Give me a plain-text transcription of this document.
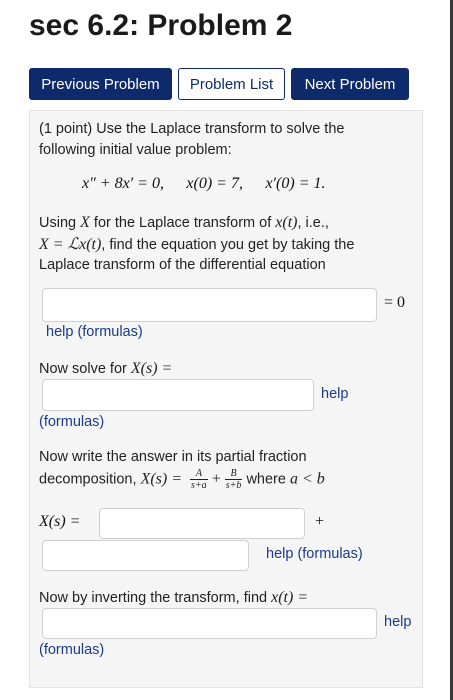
sec 6.2: Problem 2
Previous Problem	Problem List	Next Problem
(1 point) Use the Laplace transform to solve the
following initial value problem:
x″ + 8x′ = 0, x(0) = 7, x′(0) = 1.
Using X for the Laplace transform of x(t), i.e.,
X = ℒx(t), find the equation you get by taking the
Laplace transform of the differential equation
= 0
help (formulas)
Now solve for X(s) =
help
(formulas)
Now write the answer in its partial fraction
decomposition, $X(s) = \frac{A}{s+a} + \frac{B}{s+b}$ where a < b
X(s) =	+
help (formulas)
Now by inverting the transform, find x(t) =
help
(formulas)
